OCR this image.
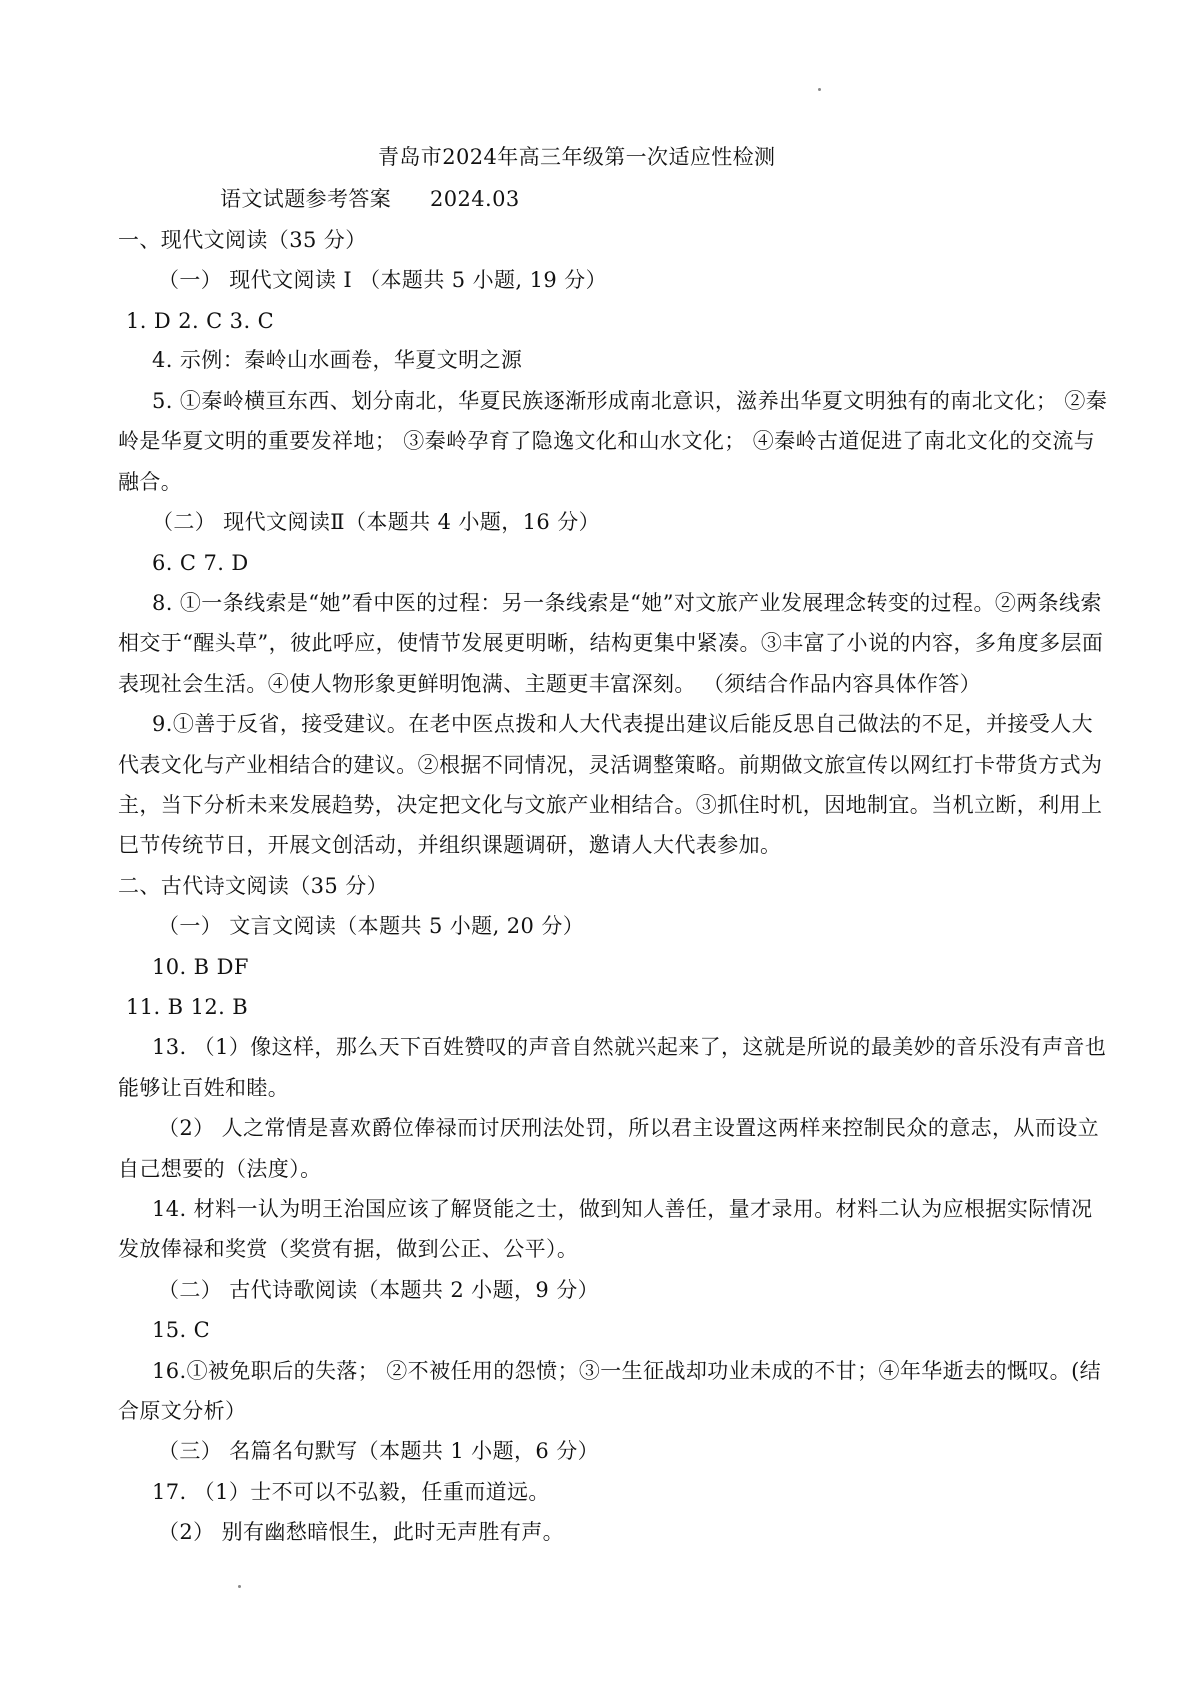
青岛市2024年高三年级第一次适应性检测
语文试题参考答案 2024.03
一、现代文阅读（35 分）
（一） 现代文阅读 Ⅰ （本题共 5 小题, 19 分）
1. D 2. C 3. C
4. 示例：秦岭山水画卷，华夏文明之源
5. ①秦岭横亘东西、划分南北，华夏民族逐渐形成南北意识，滋养出华夏文明独有的南北文化； ②秦
岭是华夏文明的重要发祥地； ③秦岭孕育了隐逸文化和山水文化； ④秦岭古道促进了南北文化的交流与
融合。
（二） 现代文阅读Ⅱ（本题共 4 小题，16 分）
6. C 7. D
8. ①一条线索是“她”看中医的过程：另一条线索是“她”对文旅产业发展理念转变的过程。②两条线索
相交于“醒头草”，彼此呼应，使情节发展更明晰，结构更集中紧凑。③丰富了小说的内容，多角度多层面
表现社会生活。④使人物形象更鲜明饱满、主题更丰富深刻。 （须结合作品内容具体作答）
9.①善于反省，接受建议。在老中医点拨和人大代表提出建议后能反思自己做法的不足，并接受人大
代表文化与产业相结合的建议。②根据不同情况，灵活调整策略。前期做文旅宣传以网红打卡带货方式为
主，当下分析未来发展趋势，决定把文化与文旅产业相结合。③抓住时机，因地制宜。当机立断，利用上
巳节传统节日，开展文创活动，并组织课题调研，邀请人大代表参加。
二、古代诗文阅读（35 分）
（一） 文言文阅读（本题共 5 小题, 20 分）
10. B DF
11. B 12. B
13. （1）像这样，那么天下百姓赞叹的声音自然就兴起来了，这就是所说的最美妙的音乐没有声音也
能够让百姓和睦。
（2） 人之常情是喜欢爵位俸禄而讨厌刑法处罚，所以君主设置这两样来控制民众的意志，从而设立
自己想要的（法度）。
14. 材料一认为明王治国应该了解贤能之士，做到知人善任，量才录用。材料二认为应根据实际情况
发放俸禄和奖赏（奖赏有据，做到公正、公平）。
（二） 古代诗歌阅读（本题共 2 小题，9 分）
15. C
16.①被免职后的失落； ②不被任用的怨愤；③一生征战却功业未成的不甘；④年华逝去的慨叹。(结
合原文分析）
（三） 名篇名句默写（本题共 1 小题，6 分）
17. （1）士不可以不弘毅，任重而道远。
（2） 别有幽愁暗恨生，此时无声胜有声。
